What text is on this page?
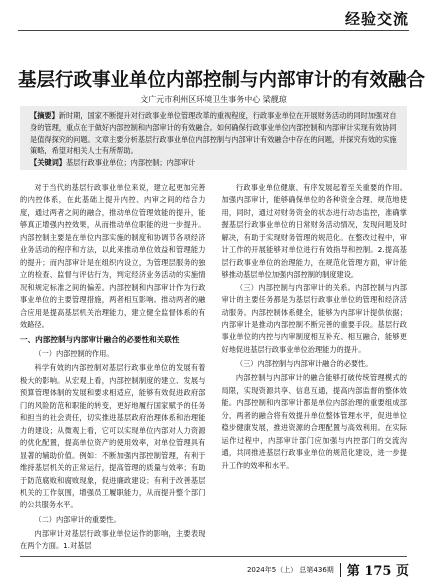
经验交流
基层行政事业单位内部控制与内部审计的有效融合
文广元市利州区环境卫生事务中心 梁靓琼
【摘要】新时期，国家不断提升对行政事业单位管理改革的重视程度，行政事业单位在开展财务活动的同时加强对自身的管理，重点在于做好内部控制和内部审计的有效融合。如何确保行政事业单位内部控制和内部审计实现有效协同是值得探究的问题。文章主要分析基层行政事业单位内部控制与内部审计有效融合中存在的问题，并探究有效的实施策略，希望对相关人士有所帮助。
【关键词】基层行政事业单位；内部控制；内部审计

对于当代的基层行政事业单位来说，建立起更加完善的内控体系，在此基础上提升内控、内审之间的结合力度，通过两者之间的融合，推动单位管理效能的提升，能够真正增强内控效果，从而推动单位职能的进一步提升。内部控制主要是在单位内部实施的制度和协调节各项经济业务活动的程序和方法，以此来推动单位效益和管理能力的提升；而内部审计是在组织内设立，为管理层服务的独立的检查、监督与评估行为，判定经济业务活动的实施情况和规定标准之间的偏差。内部控制和内部审计作为行政事业单位的主要管理措施，两者相互影响。推动两者的融合应用是提高基层机关治理能力，建立健全监督体系的有效路径。

一、内部控制与内部审计融合的必要性和关联性
（一）内部控制的作用。

科学有效的内部控制对基层行政事业单位的发展有着极大的影响。从宏观上看，内部控制制度的建立、发展与预算管理体制的发展和要求相适应，能够有效促进政府部门的风险防范和职能的转变，更好地履行国家赋予的任务和担当的社会责任，切实推进基层政府治理体系和治理能力的建设；从微观上看，它可以实现单位内部对人力资源的优化配置，提高单位资产的使用效率，对单位管理具有显著的辅助价值。例如：不断加强内部控制管理，有利于维持基层机关的正常运行，提高管理的质量与效率；有助于防范腐败和腐败现象，促进廉政建设；有利于改善基层机关的工作氛围，增强员工履职能力，从而提升整个部门的公共服务水平。

（二）内部审计的重要性。

内部审计对基层行政事业单位运作的影响，主要表现在两个方面。1.对基层

行政事业单位健康、有序发展起着至关重要的作用。加强内部审计，能够确保单位的各种资金合理、规范地使用，同时，通过对财务资金的状态进行动态监控，准确掌握基层行政事业单位的日常财务活动情况，发现问题及时解决，有助于实现财务管理的规范化。在整改过程中，审计工作的开展能够对单位进行有效指导和控制。2.提高基层行政事业单位的治理能力，在规范化管理方面，审计能够推动基层单位加强内部控制的制度建设。

（三）内部控制与内部审计的关系。内部控制与内部审计的主要任务都是为基层行政事业单位的管理和经济活动服务。内部控制体系健全，能够为内部审计提供依据；内部审计是推动内部控制不断完善的重要手段。基层行政事业单位的内控与内审制度相互补充、相互融合，能够更好地促进基层行政事业单位治理能力的提升。

（三）内部控制与内部审计融合的必要性。

内部控制与内部审计的融合能够打破传统管理模式的局限，实现资源共享、信息互通，提高内部监督的整体效能。内部控制和内部审计都是单位内部治理的重要组成部分，两者的融合将有效提升单位整体管理水平，促进单位稳步健康发展，推进资源的合理配置与高效利用。在实际运作过程中，内部审计部门应加强与内控部门的交流沟通，共同推进基层行政事业单位的规范化建设，进一步提升工作的效率和水平。

2024年5（上） 总第436期 第 175 页
